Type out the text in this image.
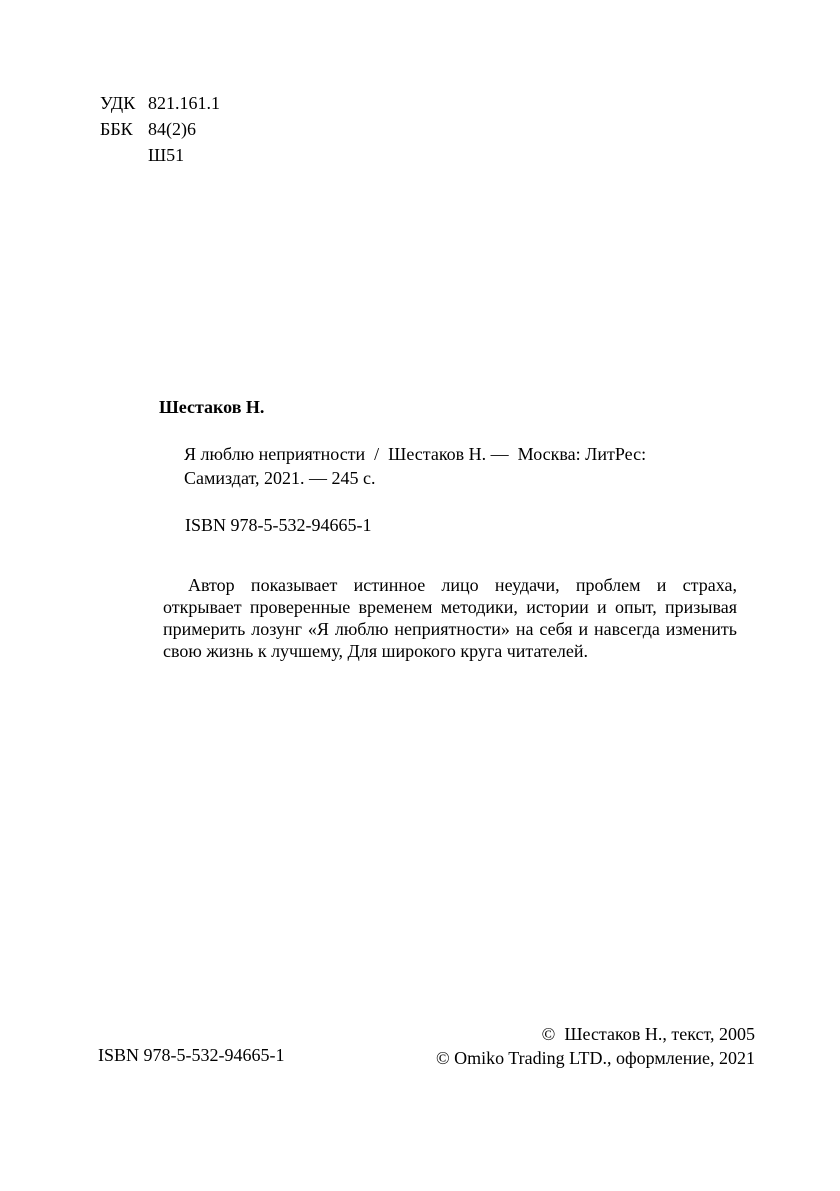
УДК 821.161.1
ББК 84(2)6
Ш51
Шестаков Н.
Я люблю неприятности  /  Шестаков Н. —  Москва: ЛитРес:
Самиздат, 2021. — 245 с.
ISBN 978-5-532-94665-1
Автор показывает истинное лицо неудачи, проблем и страха,
открывает проверенные временем методики, истории и опыт, призывая
примерить лозунг «Я люблю неприятности» на себя и навсегда изменить
свою жизнь к лучшему, Для широкого круга читателей.
©  Шестаков Н., текст, 2005
© Omiko Trading LTD., оформление, 2021
ISBN 978-5-532-94665-1
